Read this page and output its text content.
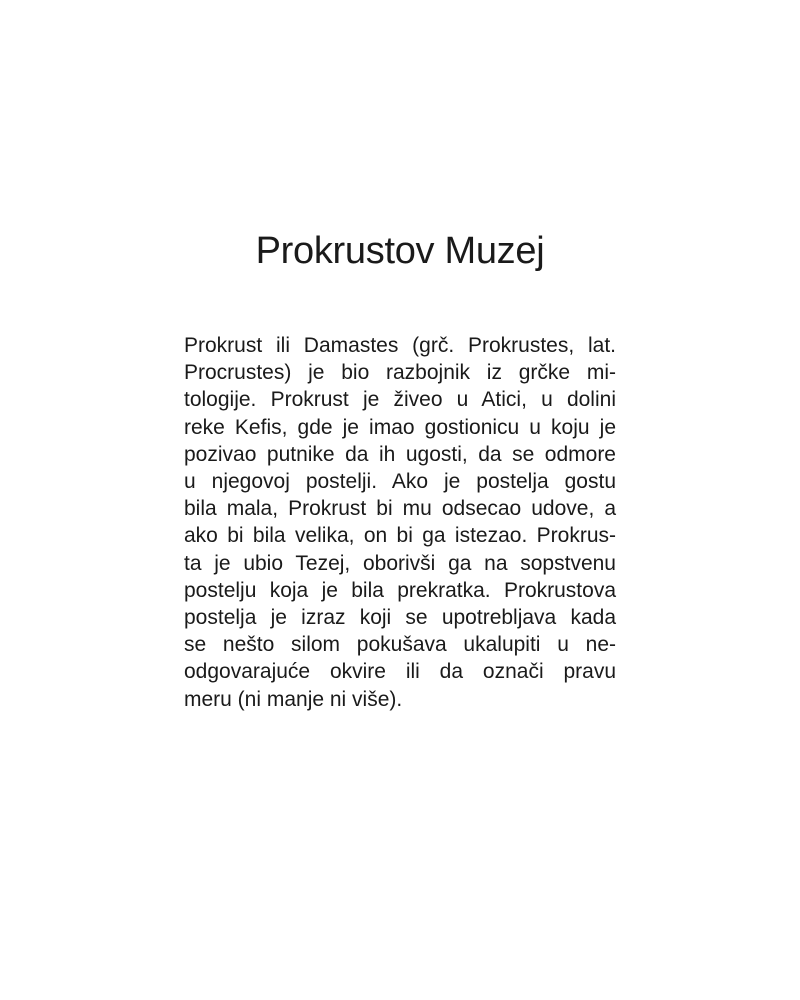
Prokrustov Muzej

Prokrust ili Damastes (grč. Prokrustes, lat.
Procrustes) je bio razbojnik iz grčke mi-
tologije. Prokrust je živeo u Atici, u dolini
reke Kefis, gde je imao gostionicu u koju je
pozivao putnike da ih ugosti, da se odmore
u njegovoj postelji. Ako je postelja gostu
bila mala, Prokrust bi mu odsecao udove, a
ako bi bila velika, on bi ga istezao. Prokrus-
ta je ubio Tezej, oborivši ga na sopstvenu
postelju koja je bila prekratka. Prokrustova
postelja je izraz koji se upotrebljava kada
se nešto silom pokušava ukalupiti u ne-
odgovarajuće okvire ili da označi pravu
meru (ni manje ni više).
